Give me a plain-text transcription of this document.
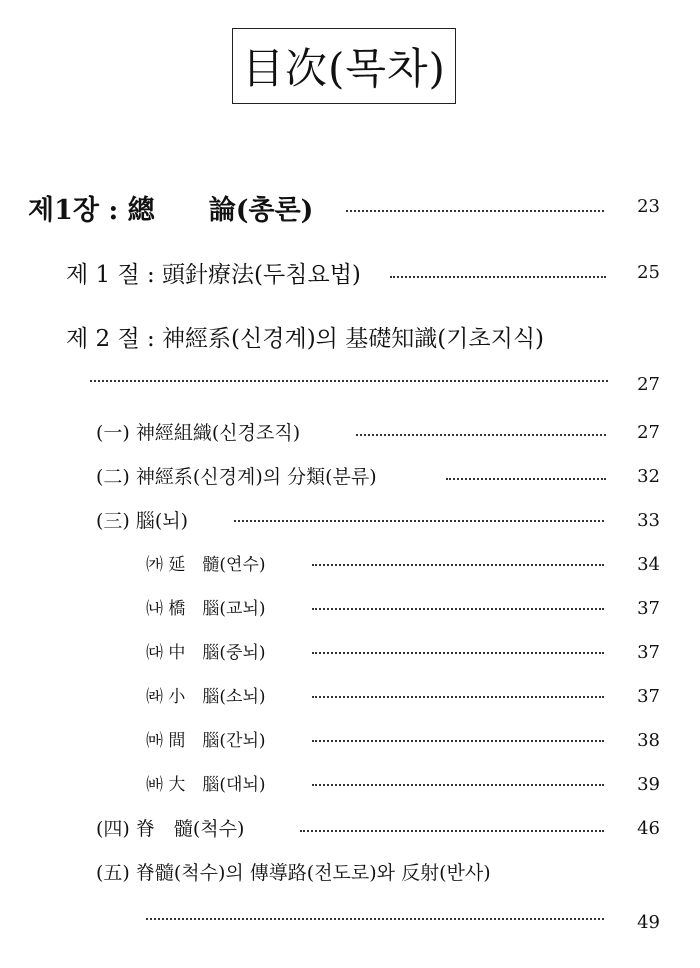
目次(목차)
제1장 : 總　　論(총론)	23
제 1 절 : 頭針療法(두침요법)	25
제 2 절 : 神經系(신경계)의 基礎知識(기초지식)
27
(一) 神經組織(신경조직)	27
(二) 神經系(신경계)의 分類(분류)	32
(三) 腦(뇌)	33
㈎ 延　髓(연수)	34
㈏ 橋　腦(교뇌)	37
㈐ 中　腦(중뇌)	37
㈑ 小　腦(소뇌)	37
㈒ 間　腦(간뇌)	38
㈓ 大　腦(대뇌)	39
(四) 脊　髓(척수)	46
(五) 脊髓(척수)의 傳導路(전도로)와 反射(반사)
49
